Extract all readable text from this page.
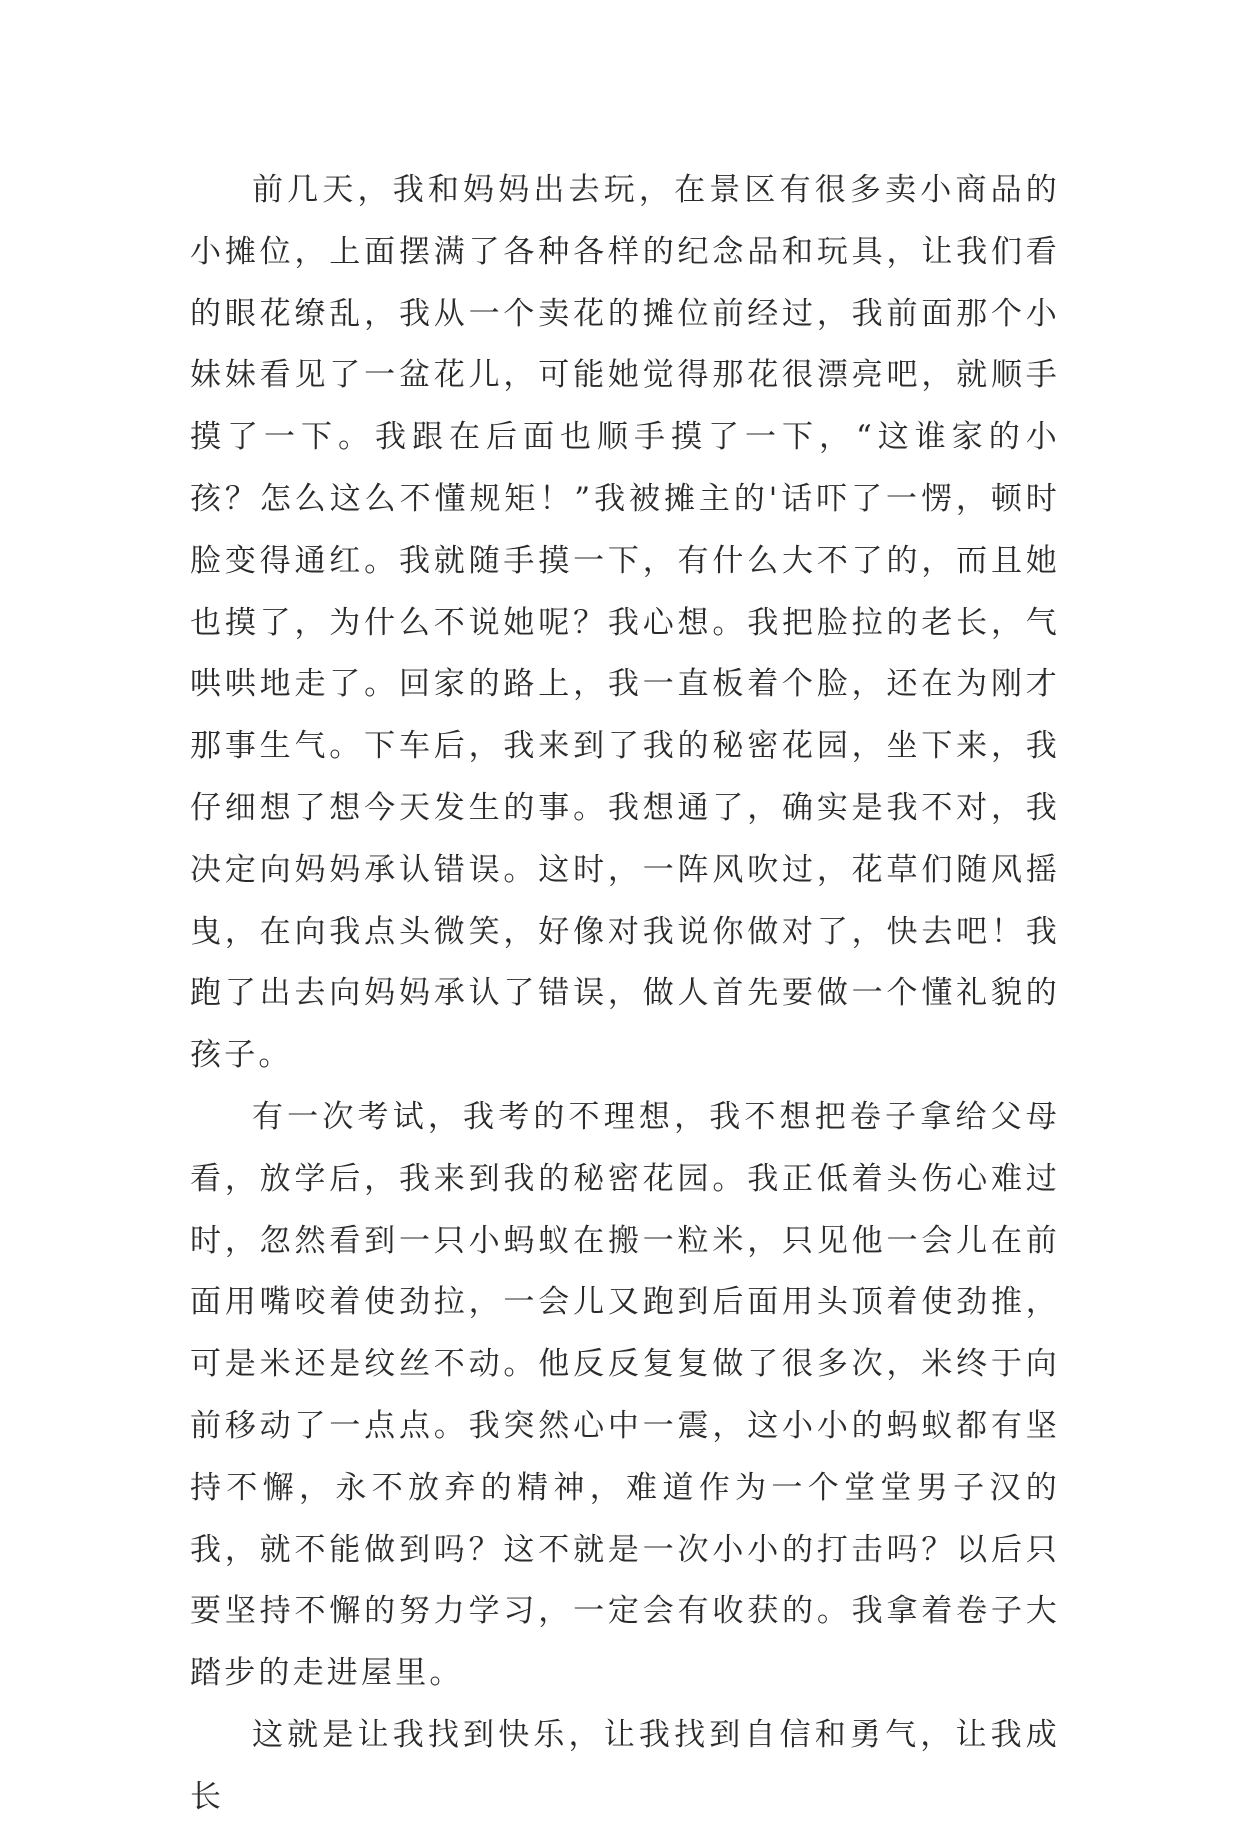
前几天，我和妈妈出去玩，在景区有很多卖小商品的小摊位，上面摆满了各种各样的纪念品和玩具，让我们看的眼花缭乱，我从一个卖花的摊位前经过，我前面那个小妹妹看见了一盆花儿，可能她觉得那花很漂亮吧，就顺手摸了一下。我跟在后面也顺手摸了一下，“这谁家的小孩？怎么这么不懂规矩！”我被摊主的'话吓了一愣，顿时脸变得通红。我就随手摸一下，有什么大不了的，而且她也摸了，为什么不说她呢？我心想。我把脸拉的老长，气哄哄地走了。回家的路上，我一直板着个脸，还在为刚才那事生气。下车后，我来到了我的秘密花园，坐下来，我仔细想了想今天发生的事。我想通了，确实是我不对，我决定向妈妈承认错误。这时，一阵风吹过，花草们随风摇曳，在向我点头微笑，好像对我说你做对了，快去吧！我跑了出去向妈妈承认了错误，做人首先要做一个懂礼貌的孩子。

有一次考试，我考的不理想，我不想把卷子拿给父母看，放学后，我来到我的秘密花园。我正低着头伤心难过时，忽然看到一只小蚂蚁在搬一粒米，只见他一会儿在前面用嘴咬着使劲拉，一会儿又跑到后面用头顶着使劲推，可是米还是纹丝不动。他反反复复做了很多次，米终于向前移动了一点点。我突然心中一震，这小小的蚂蚁都有坚持不懈，永不放弃的精神，难道作为一个堂堂男子汉的我，就不能做到吗？这不就是一次小小的打击吗？以后只要坚持不懈的努力学习，一定会有收获的。我拿着卷子大踏步的走进屋里。

这就是让我找到快乐，让我找到自信和勇气，让我成长
